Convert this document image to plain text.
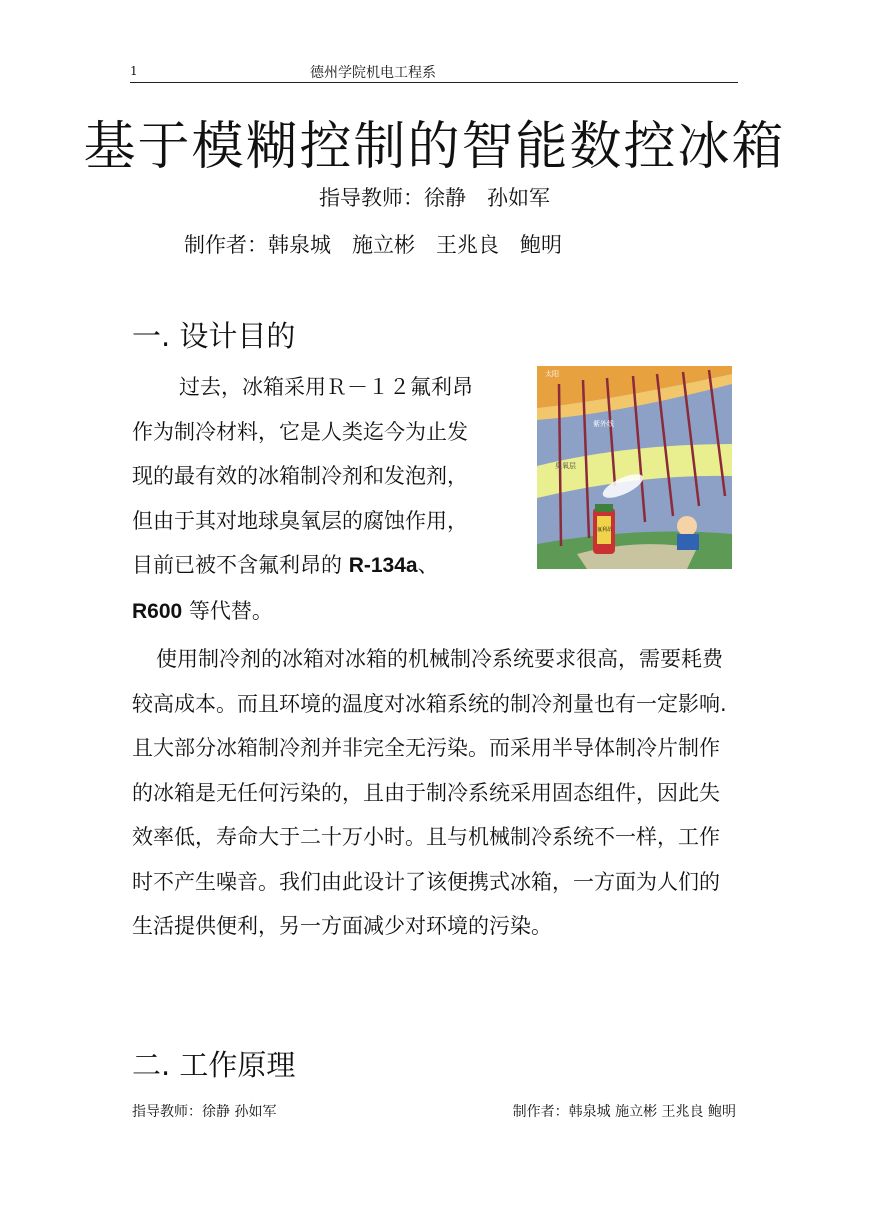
1	德州学院机电工程系
基于模糊控制的智能数控冰箱
指导教师：徐静　孙如军
制作者：韩泉城　施立彬　王兆良　鲍明
一. 设计目的

过去，冰箱采用Ｒ－１２氟利昂作为制冷材料，它是人类迄今为止发现的最有效的冰箱制冷剂和发泡剂，但由于其对地球臭氧层的腐蚀作用，目前已被不含氟利昂的 R-134a、R600 等代替。

太阳
紫外线
臭氧层
氟利昂

使用制冷剂的冰箱对冰箱的机械制冷系统要求很高，需要耗费较高成本。而且环境的温度对冰箱系统的制冷剂量也有一定影响. 且大部分冰箱制冷剂并非完全无污染。而采用半导体制冷片制作的冰箱是无任何污染的，且由于制冷系统采用固态组件，因此失效率低，寿命大于二十万小时。且与机械制冷系统不一样，工作时不产生噪音。我们由此设计了该便携式冰箱，一方面为人们的生活提供便利，另一方面减少对环境的污染。

二. 工作原理
指导教师：徐静 孙如军	制作者：韩泉城 施立彬 王兆良 鲍明
